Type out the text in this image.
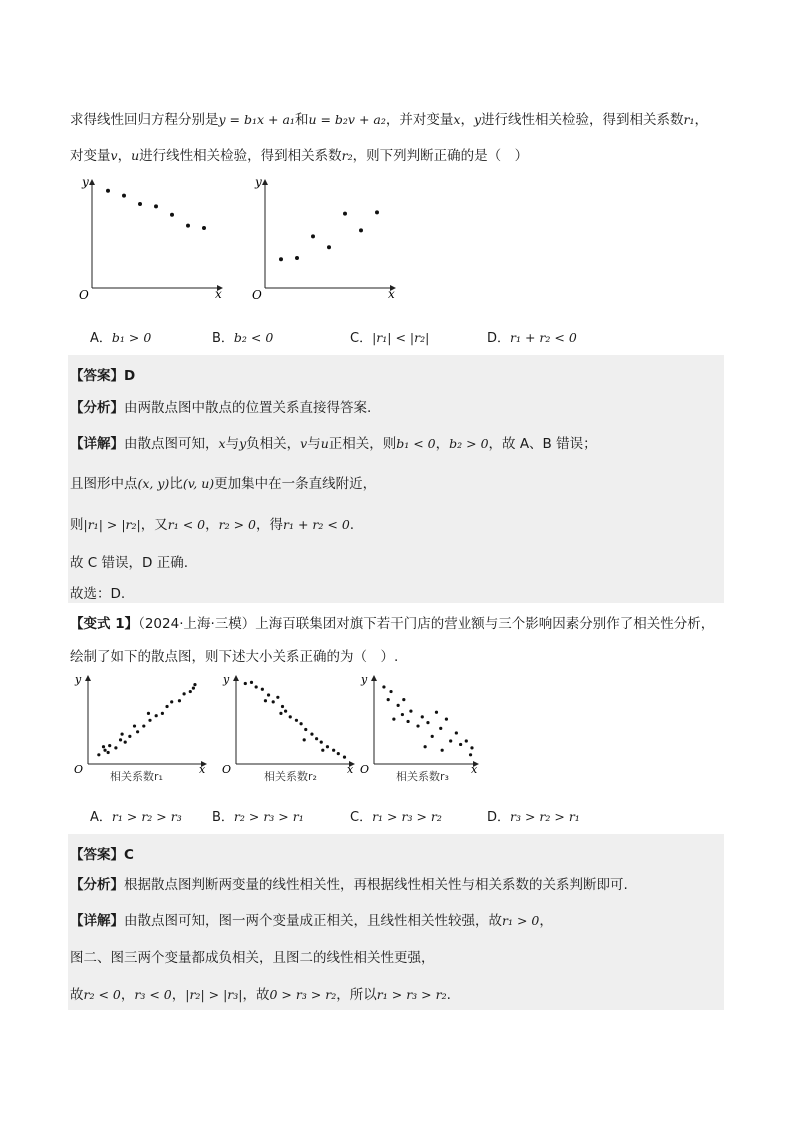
求得线性回归方程分别是y = b₁x + a₁和u = b₂v + a₂，并对变量x，y进行线性相关检验，得到相关系数r₁，
对变量v，u进行线性相关检验，得到相关系数r₂，则下列判断正确的是（　）
y
x
O
y
x
O
A．b₁ > 0	B．b₂ < 0	C．|r₁| < |r₂|	D．r₁ + r₂ < 0
【答案】D
【分析】由两散点图中散点的位置关系直接得答案.
【详解】由散点图可知，x与y负相关，v与u正相关，则b₁ < 0，b₂ > 0，故 A、B 错误；
且图形中点(x, y)比(v, u)更加集中在一条直线附近，
则|r₁| > |r₂|，又r₁ < 0，r₂ > 0，得r₁ + r₂ < 0.
故 C 错误，D 正确.
故选：D.
【变式 1】（2024·上海·三模）上海百联集团对旗下若干门店的营业额与三个影响因素分别作了相关性分析，
绘制了如下的散点图，则下述大小关系正确的为（　）.
y
x
O
相关系数r₁
y
x
O
相关系数r₂
y
x
O
相关系数r₃
A．r₁ > r₂ > r₃ B．r₂ > r₃ > r₁	C．r₁ > r₃ > r₂	D．r₃ > r₂ > r₁
【答案】C
【分析】根据散点图判断两变量的线性相关性，再根据线性相关性与相关系数的关系判断即可.
【详解】由散点图可知，图一两个变量成正相关，且线性相关性较强，故r₁ > 0，
图二、图三两个变量都成负相关，且图二的线性相关性更强，
故r₂ < 0，r₃ < 0，|r₂| > |r₃|，故0 > r₃ > r₂，所以r₁ > r₃ > r₂.
